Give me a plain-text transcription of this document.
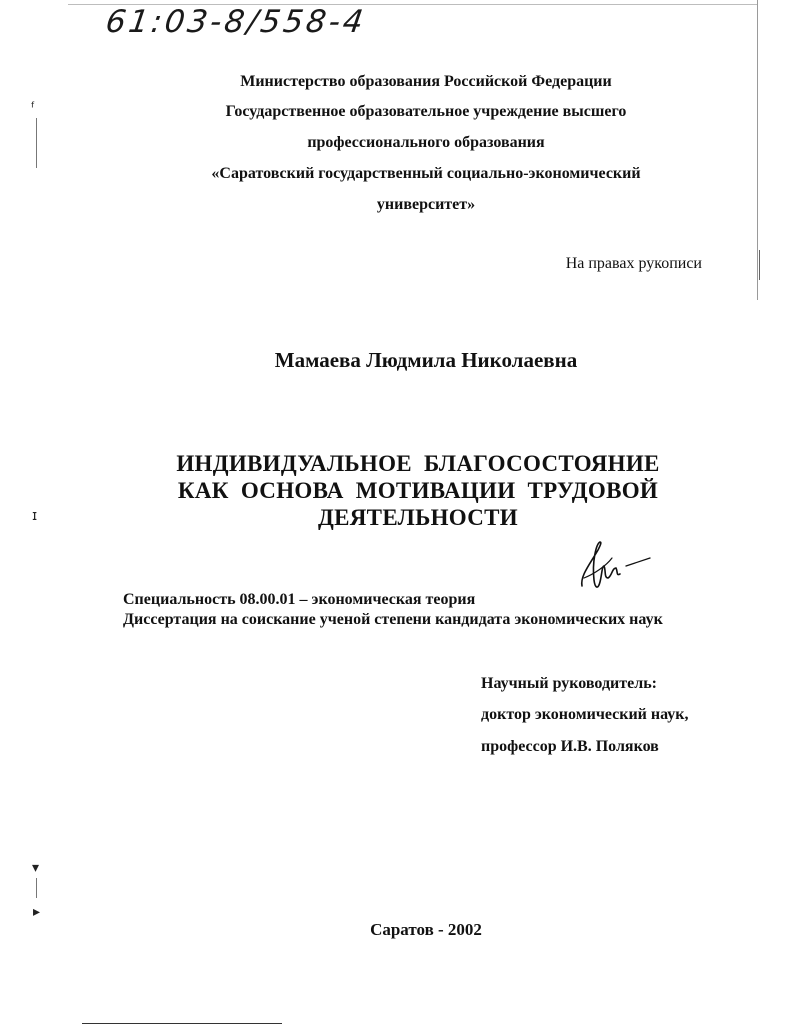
ᶠ
ɪ
▾
▸
61:03-8/558-4
Министерство образования Российской Федерации
Государственное образовательное учреждение высшего
профессионального образования
«Саратовский государственный социально-экономический
университет»
На правах рукописи
Мамаева Людмила Николаевна
ИНДИВИДУАЛЬНОЕ БЛАГОСОСТОЯНИЕ
КАК ОСНОВА МОТИВАЦИИ ТРУДОВОЙ
ДЕЯТЕЛЬНОСТИ
Специальность 08.00.01 – экономическая теория
Диссертация на соискание ученой степени кандидата экономических наук
Научный руководитель:
доктор экономический наук,
профессор И.В. Поляков
Саратов - 2002
